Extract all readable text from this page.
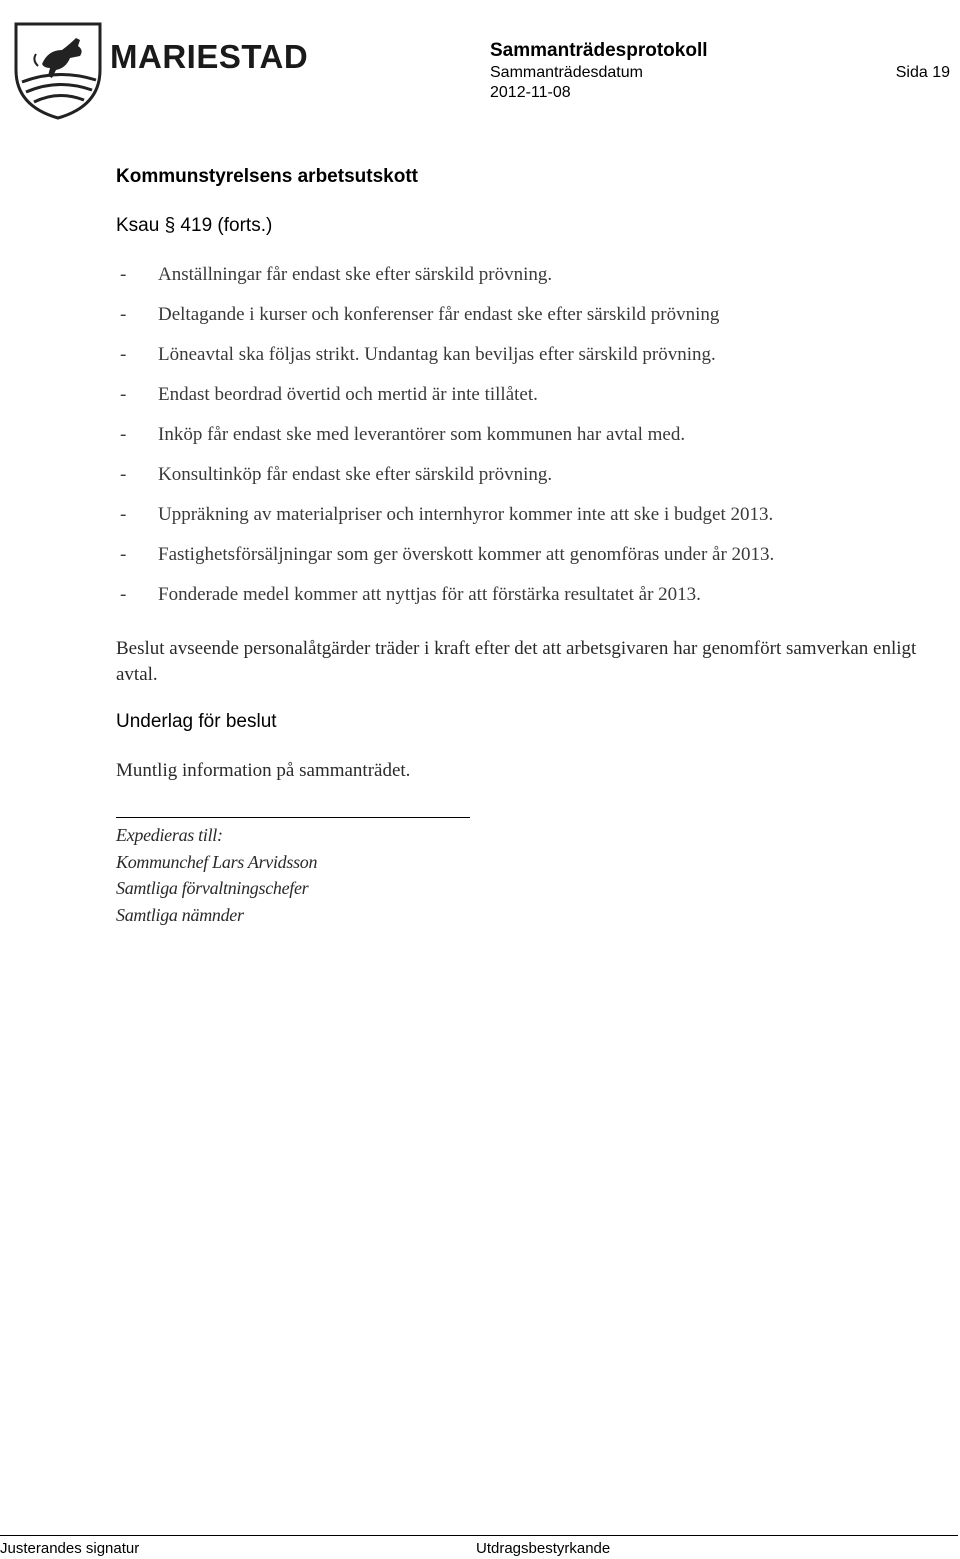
MARIESTAD	Sammanträdesprotokoll
Sammanträdesdatum	Sida 19
2012-11-08
Kommunstyrelsens arbetsutskott
Ksau § 419 (forts.)
- Anställningar får endast ske efter särskild prövning.
- Deltagande i kurser och konferenser får endast ske efter särskild prövning
- Löneavtal ska följas strikt. Undantag kan beviljas efter särskild prövning.
- Endast beordrad övertid och mertid är inte tillåtet.
- Inköp får endast ske med leverantörer som kommunen har avtal med.
- Konsultinköp får endast ske efter särskild prövning.
- Uppräkning av materialpriser och internhyror kommer inte att ske i budget 2013.
- Fastighetsförsäljningar som ger överskott kommer att genomföras under år 2013.
- Fonderade medel kommer att nyttjas för att förstärka resultatet år 2013.
Beslut avseende personalåtgärder träder i kraft efter det att arbetsgivaren har genomfört samverkan enligt avtal.
Underlag för beslut
Muntlig information på sammanträdet.
Expedieras till:
Kommunchef Lars Arvidsson
Samtliga förvaltningschefer
Samtliga nämnder
Justerandes signatur	Utdragsbestyrkande
